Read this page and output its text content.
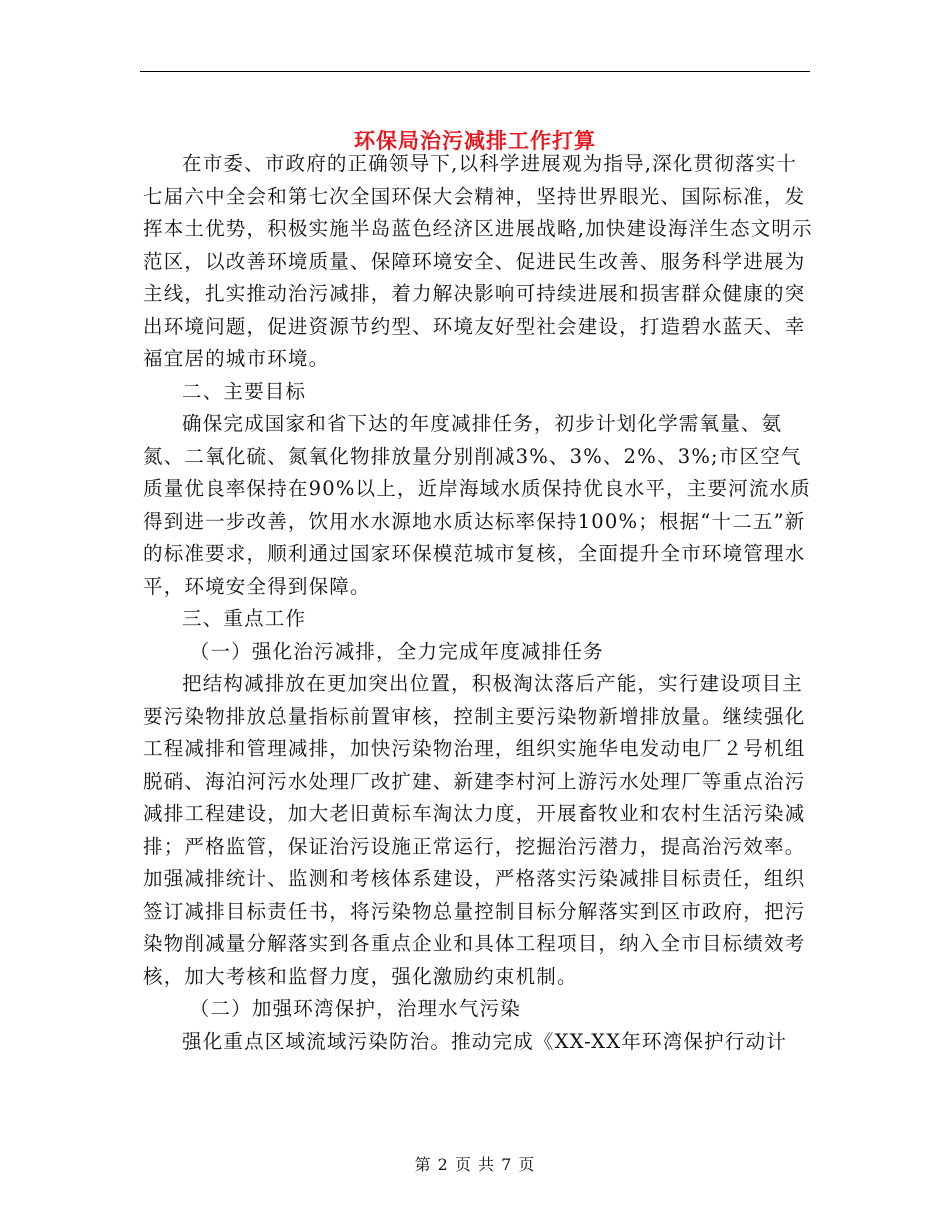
环保局治污减排工作打算

在市委、市政府的正确领导下,以科学进展观为指导,深化贯彻落实十七届六中全会和第七次全国环保大会精神，坚持世界眼光、国际标准，发挥本土优势，积极实施半岛蓝色经济区进展战略,加快建设海洋生态文明示范区，以改善环境质量、保障环境安全、促进民生改善、服务科学进展为主线，扎实推动治污减排，着力解决影响可持续进展和损害群众健康的突出环境问题，促进资源节约型、环境友好型社会建设，打造碧水蓝天、幸福宜居的城市环境。

二、主要目标

确保完成国家和省下达的年度减排任务，初步计划化学需氧量、氨氮、二氧化硫、氮氧化物排放量分别削减3%、3%、2%、3%;市区空气质量优良率保持在90%以上，近岸海域水质保持优良水平，主要河流水质得到进一步改善，饮用水水源地水质达标率保持100%；根据“十二五”新的标准要求，顺利通过国家环保模范城市复核，全面提升全市环境管理水平，环境安全得到保障。

三、重点工作

（一）强化治污减排，全力完成年度减排任务

把结构减排放在更加突出位置，积极淘汰落后产能，实行建设项目主要污染物排放总量指标前置审核，控制主要污染物新增排放量。继续强化工程减排和管理减排，加快污染物治理，组织实施华电发动电厂２号机组脱硝、海泊河污水处理厂改扩建、新建李村河上游污水处理厂等重点治污减排工程建设，加大老旧黄标车淘汰力度，开展畜牧业和农村生活污染减排；严格监管，保证治污设施正常运行，挖掘治污潜力，提高治污效率。加强减排统计、监测和考核体系建设，严格落实污染减排目标责任，组织签订减排目标责任书，将污染物总量控制目标分解落实到区市政府，把污染物削减量分解落实到各重点企业和具体工程项目，纳入全市目标绩效考核，加大考核和监督力度，强化激励约束机制。

（二）加强环湾保护，治理水气污染

强化重点区域流域污染防治。推动完成《XX-XX年环湾保护行动计

第 2 页 共 7 页
